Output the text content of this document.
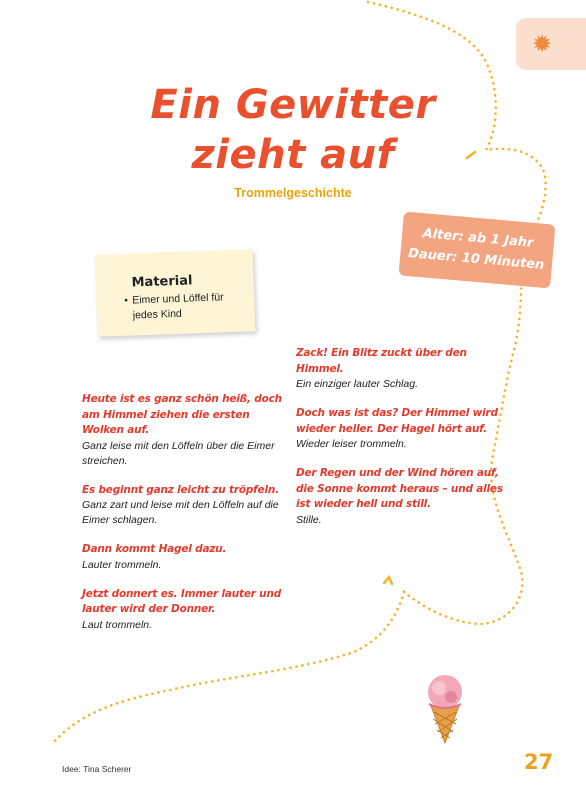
✹
Ein Gewitter
zieht auf
Trommelgeschichte
Alter: ab 1 Jahr
Dauer: 10 Minuten
Material
• Eimer und Löffel für jedes Kind
Heute ist es ganz schön heiß, doch am Himmel ziehen die ersten Wolken auf.
Ganz leise mit den Löffeln über die Eimer streichen.
Es beginnt ganz leicht zu tröpfeln.
Ganz zart und leise mit den Löffeln auf die Eimer schlagen.
Dann kommt Hagel dazu.
Lauter trommeln.
Jetzt donnert es. Immer lauter und lauter wird der Donner.
Laut trommeln.
Zack! Ein Blitz zuckt über den Himmel.
Ein einziger lauter Schlag.
Doch was ist das? Der Himmel wird wieder heller. Der Hagel hört auf.
Wieder leiser trommeln.
Der Regen und der Wind hören auf, die Sonne kommt heraus – und alles ist wieder hell und still.
Stille.
Idee: Tina Scherer	27
